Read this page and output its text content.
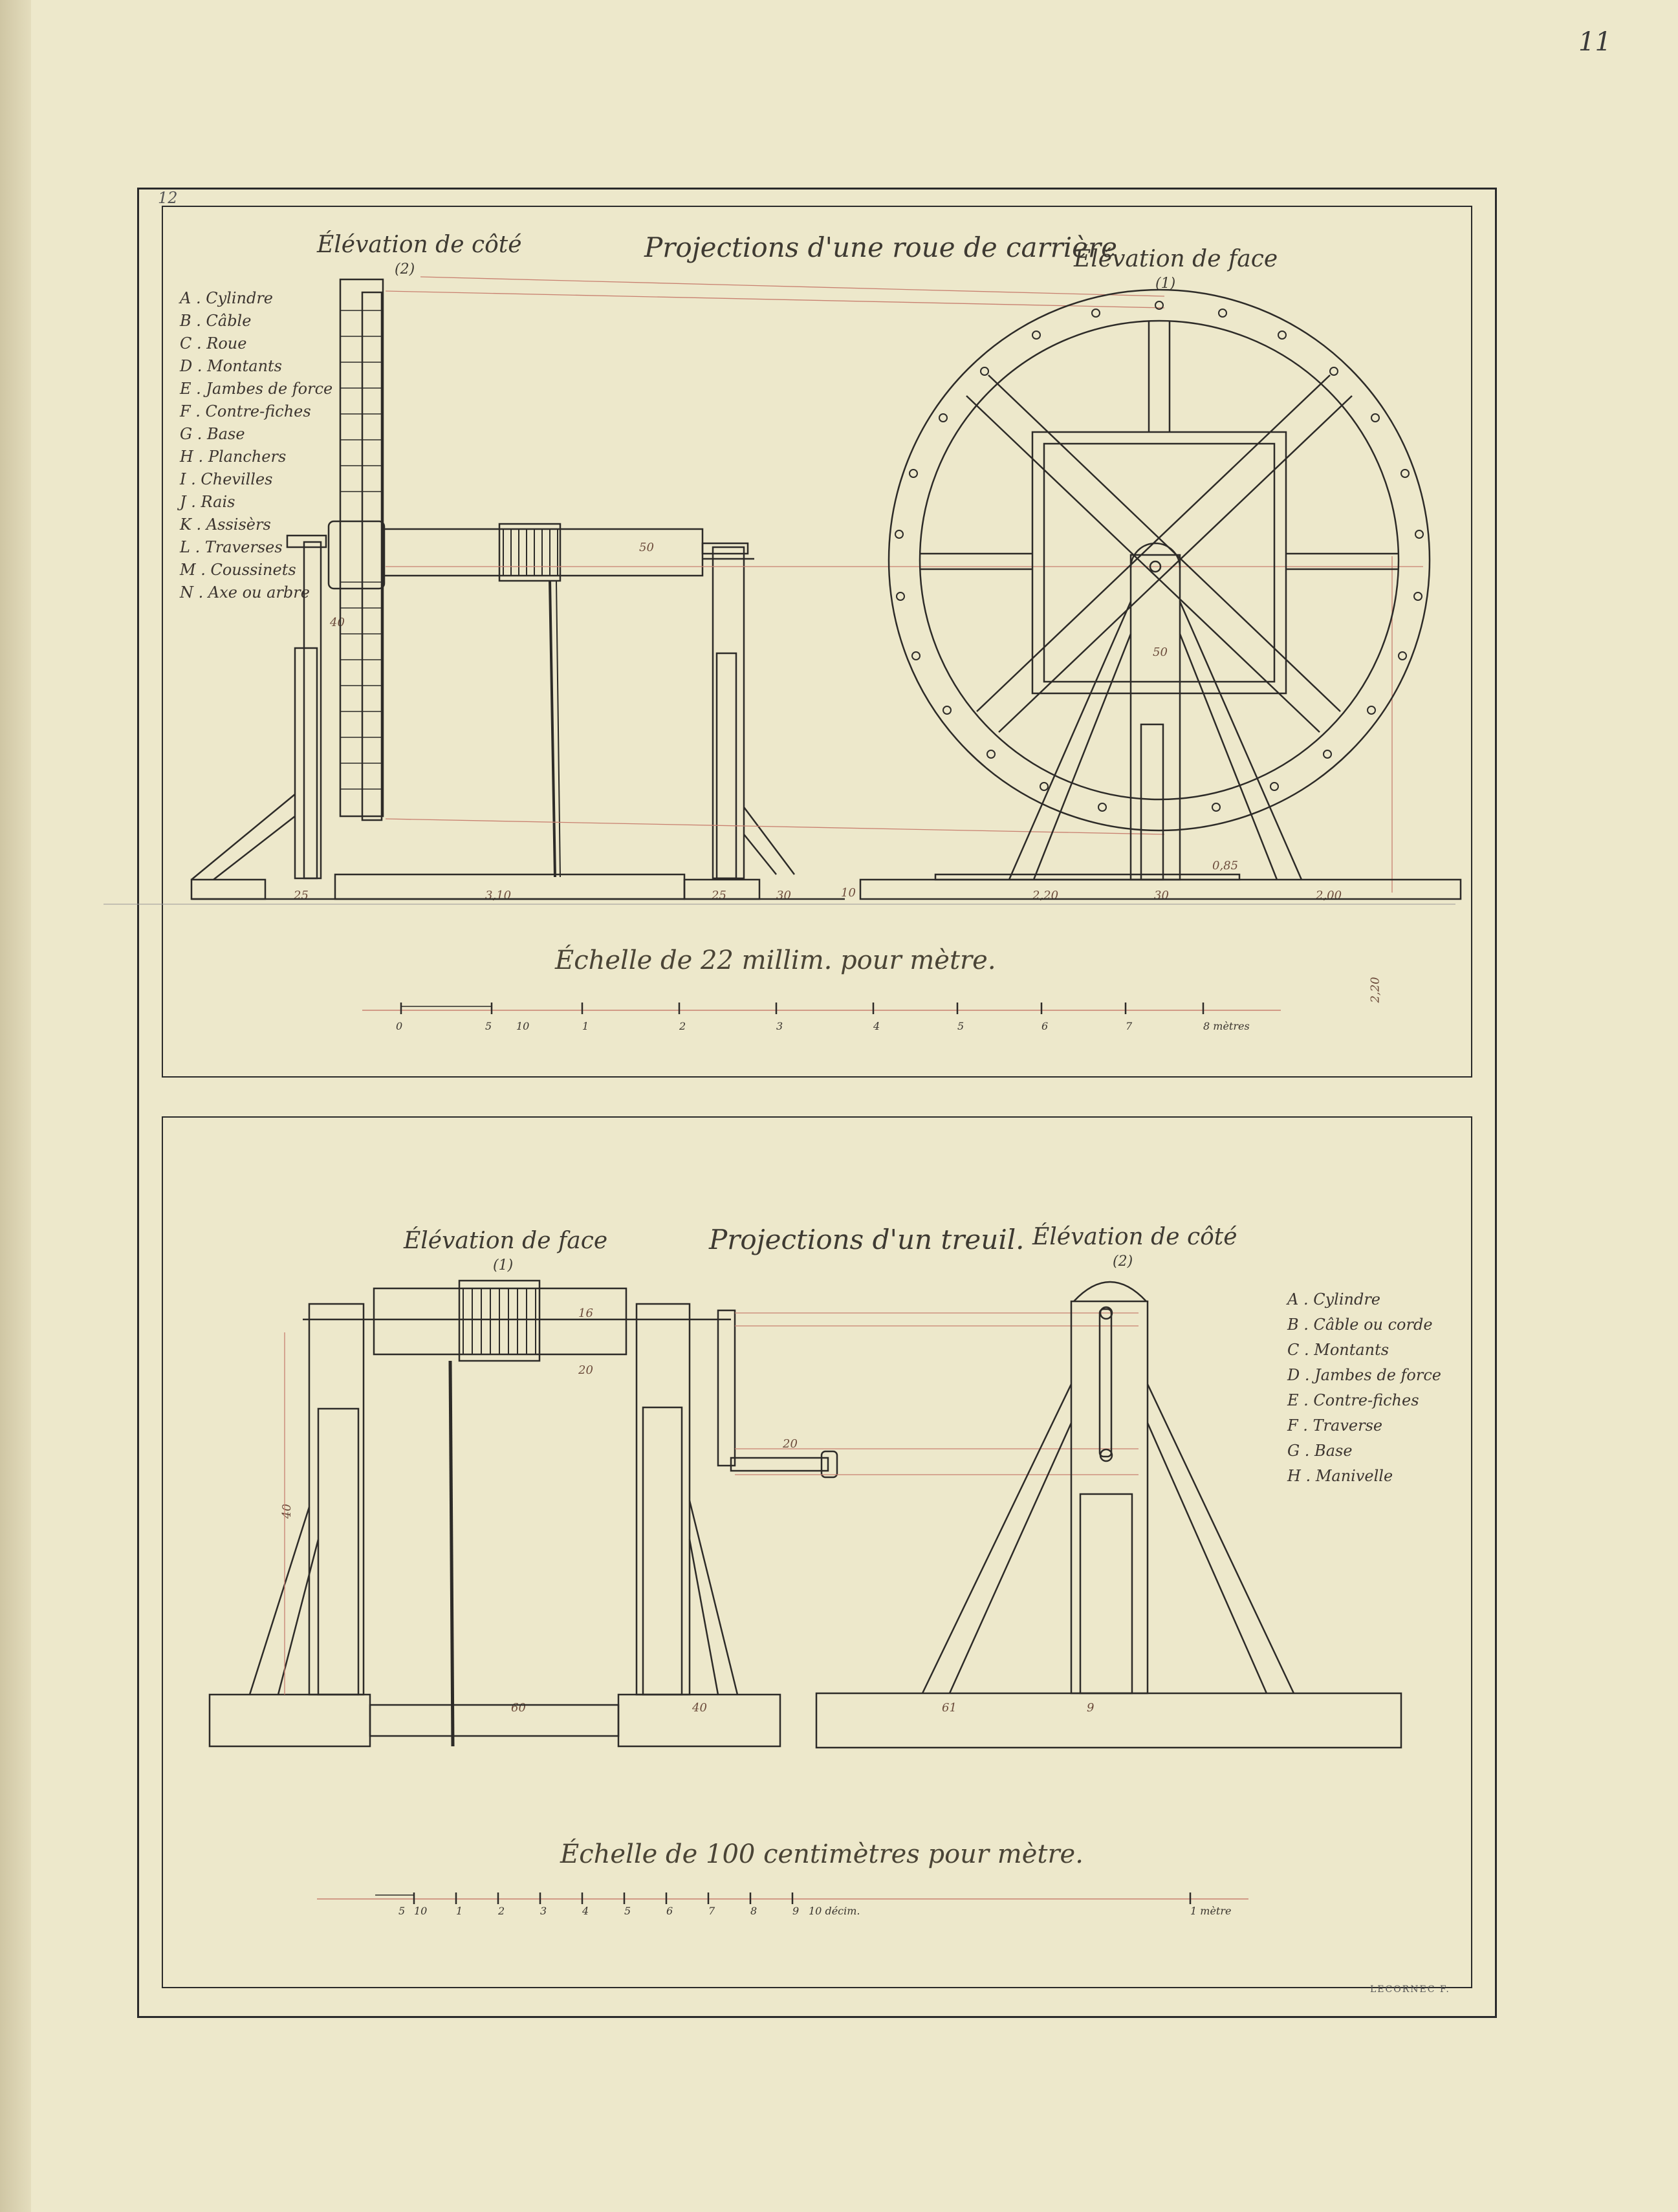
11
12
Élévation de côté
(2)
Projections d'une roue de carrière
Élévation de face
(1)
A . Cylindre
B . Câble
C . Roue
D . Montants
E . Jambes de force
F . Contre-fiches
G . Base
H . Planchers
I . Chevilles
J . Rais
K . Assisèrs
L . Traverses
M . Coussinets
N . Axe ou arbre
3,10	25	30	10	2,20	30	2,00
0,85
50
40
25
50
2,20
Échelle de 22 millim. pour mètre.
Élévation de face
(1)
Projections d'un treuil. Élévation de côté
(2)
A . Cylindre
B . Câble ou corde
C . Montants
D . Jambes de force
E . Contre-fiches
F . Traverse
G . Base
H . Manivelle
60	40	61	9
16
20
40
20
Échelle de 100 centimètres pour mètre.
LECORNEC F.
0	5 10	1	2	3	4	5	6	7	8 mètres
5 10	1	2	3	4	5	6	7	8	9 10 décim.	1 mètre
